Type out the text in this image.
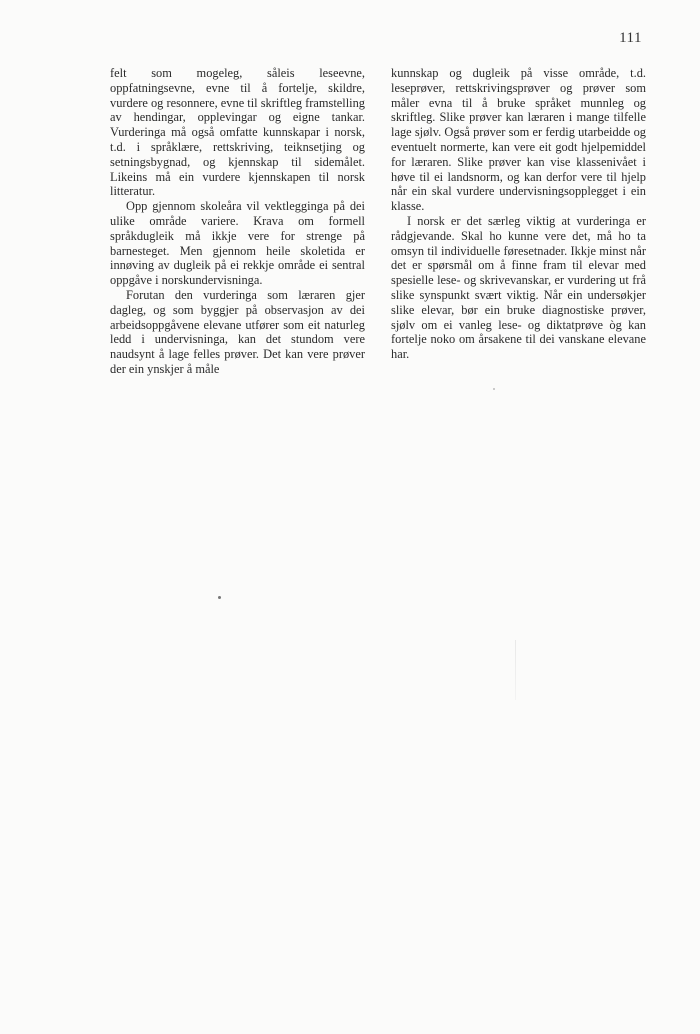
111

felt som mogeleg, såleis leseevne, oppfatningsevne, evne til å fortelje, skildre, vurdere og resonnere, evne til skriftleg framstelling av hendingar, opplevingar og eigne tankar. Vurderinga må også omfatte kunnskapar i norsk, t.d. i språklære, rettskriving, teiknsetjing og setningsbygnad, og kjennskap til sidemålet. Likeins må ein vurdere kjennskapen til norsk litteratur.

Opp gjennom skoleåra vil vektlegginga på dei ulike område variere. Krava om formell språkdugleik må ikkje vere for strenge på barnesteget. Men gjennom heile skoletida er innøving av dugleik på ei rekkje område ei sentral oppgåve i norskundervisninga.

Forutan den vurderinga som læraren gjer dagleg, og som byggjer på observasjon av dei arbeidsoppgåvene elevane utfører som eit naturleg ledd i undervisninga, kan det stundom vere naudsynt å lage felles prøver. Det kan vere prøver der ein ynskjer å måle

kunnskap og dugleik på visse område, t.d. leseprøver, rettskrivingsprøver og prøver som måler evna til å bruke språket munnleg og skriftleg. Slike prøver kan læraren i mange tilfelle lage sjølv. Også prøver som er ferdig utarbeidde og eventuelt normerte, kan vere eit godt hjelpemiddel for læraren. Slike prøver kan vise klassenivået i høve til ei landsnorm, og kan derfor vere til hjelp når ein skal vurdere undervisningsopplegget i ein klasse.

I norsk er det særleg viktig at vurderinga er rådgjevande. Skal ho kunne vere det, må ho ta omsyn til individuelle føresetnader. Ikkje minst når det er spørsmål om å finne fram til elevar med spesielle lese- og skrivevanskar, er vurdering ut frå slike synspunkt svært viktig. Når ein undersøkjer slike elevar, bør ein bruke diagnostiske prøver, sjølv om ei vanleg lese- og diktatprøve òg kan fortelje noko om årsakene til dei vanskane elevane har.
